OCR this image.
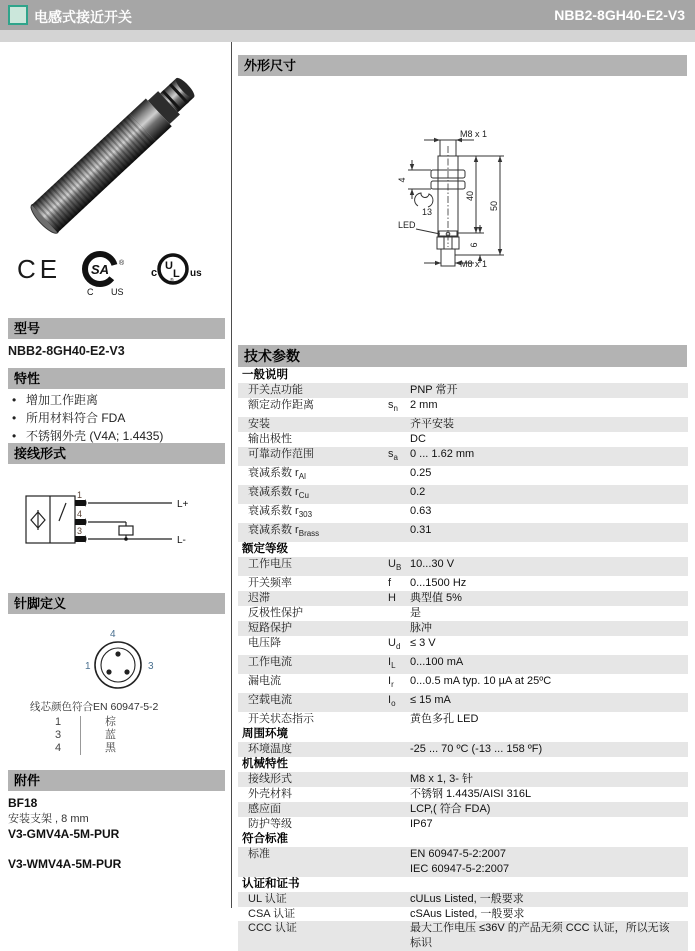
电感式接近开关	NBB2-8GH40-E2-V3
CE SA ®
C US
U
L
®
c	us
型号
NBB2-8GH40-E2-V3
特性
• 增加工作距离
• 所用材料符合 FDA
• 不锈钢外壳 (V4A; 1.4435)
接线形式
1
4
3
L+
L-
针脚定义
4
1	3
线芯颜色符合EN 60947-5-2
1	棕
3	蓝
4	黑
附件
BF18
安装支架 , 8 mm
V3-GMV4A-5M-PUR
V3-WMV4A-5M-PUR
外形尺寸
M8 x 1
4
13
LED
40
50
6
M8 x 1
技术参数
一般说明
开关点功能	PNP 常开
额定动作距离	$s_n$	2 mm
安装	齐平安装
输出极性	DC
可靠动作范围	$s_a$	0 ... 1.62 mm
衰减系数 $r_{Al}$	0.25
衰减系数 $r_{Cu}$	0.2
衰减系数 $r_{303}$	0.63
衰减系数 $r_{Brass}$	0.31
额定等级
工作电压	$U_B$ 10...30 V
开关频率	f	0...1500 Hz
迟滞	H	典型值 5%
反极性保护	是
短路保护	脉冲
电压降	$U_d \le 3$ V
工作电流	$I_L$	0...100 mA
漏电流	$I_r$	0...0.5 mA typ. 10 µA at 25ºC
空载电流	$I_o$	≤ 15 mA
开关状态指示	黄色多孔 LED
周围环境
环境温度	-25 ... 70 ºC (-13 ... 158 ºF)
机械特性
接线形式	M8 x 1, 3- 针
外壳材料	不锈钢 1.4435/AISI 316L
感应面	LCP,( 符合 FDA)
防护等级	IP67
符合标准
标准	EN 60947-5-2:2007
IEC 60947-5-2:2007
认证和证书
UL 认证	cULus Listed, 一般要求
CSA 认证	cSAus Listed, 一般要求
CCC 认证	最大工作电压 ≤36V 的产品无须 CCC 认证，所以无该标识
